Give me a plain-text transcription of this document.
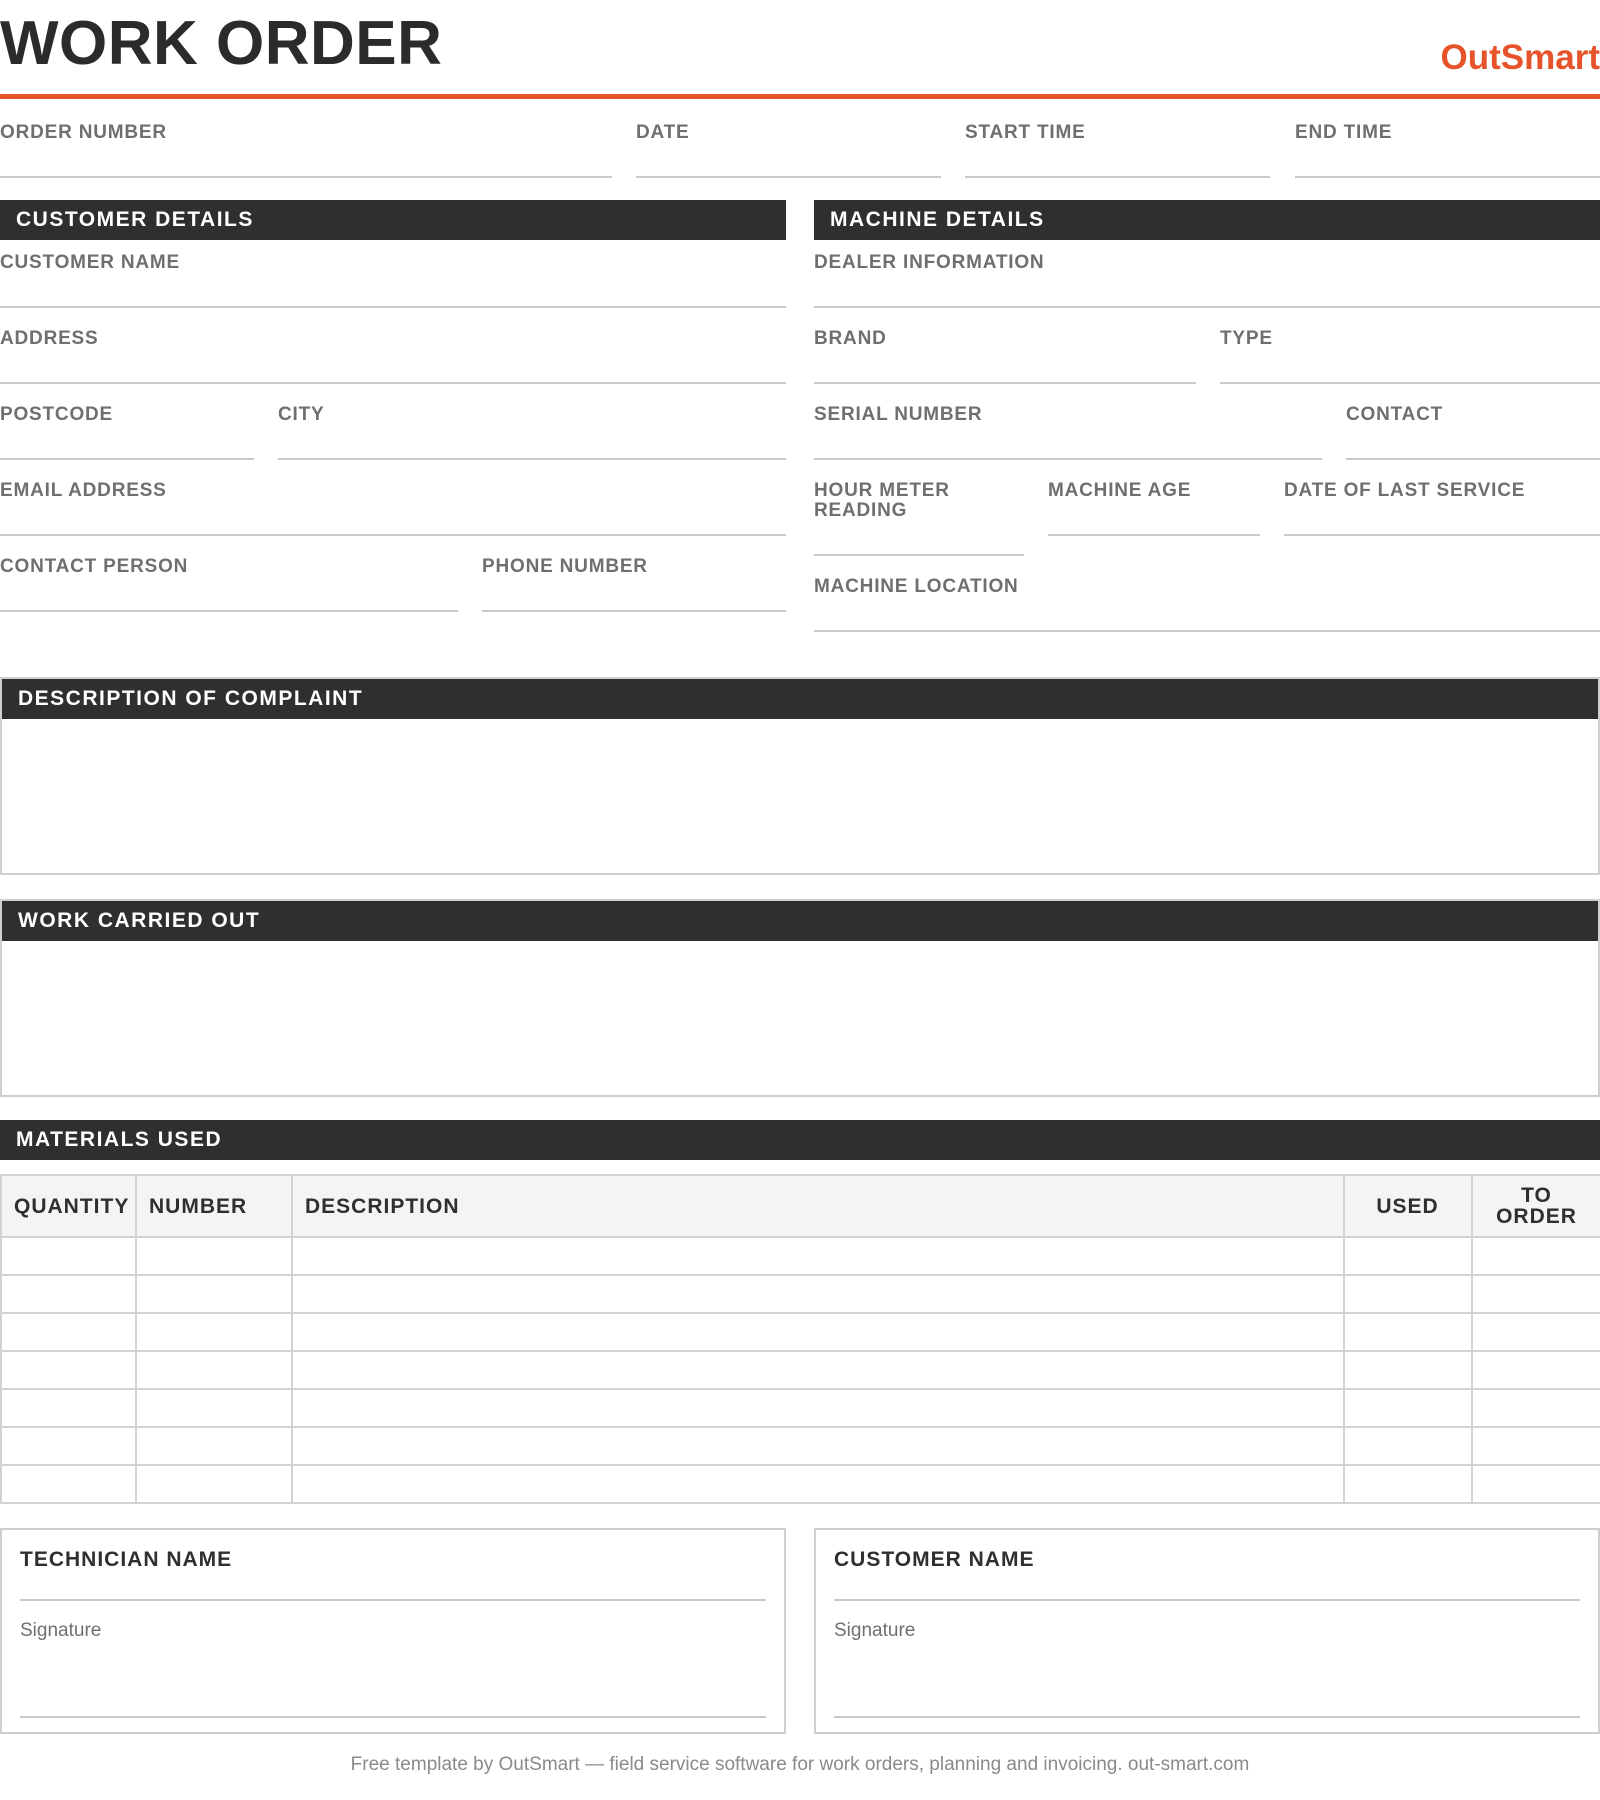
WORK ORDER	OutSmart
ORDER NUMBER	DATE	START TIME	END TIME
CUSTOMER DETAILS
CUSTOMER NAME
ADDRESS
POSTCODE	CITY
EMAIL ADDRESS
CONTACT PERSON	PHONE NUMBER
MACHINE DETAILS
DEALER INFORMATION
BRAND	TYPE
SERIAL NUMBER	CONTACT
HOUR METER READING
MACHINE AGE	DATE OF LAST SERVICE
MACHINE LOCATION
DESCRIPTION OF COMPLAINT
WORK CARRIED OUT
MATERIALS USED
QUANTITY	NUMBER	DESCRIPTION	USED	TO ORDER

TECHNICIAN NAME
Signature
CUSTOMER NAME
Signature
Free template by OutSmart — field service software for work orders, planning and invoicing. out-smart.com
